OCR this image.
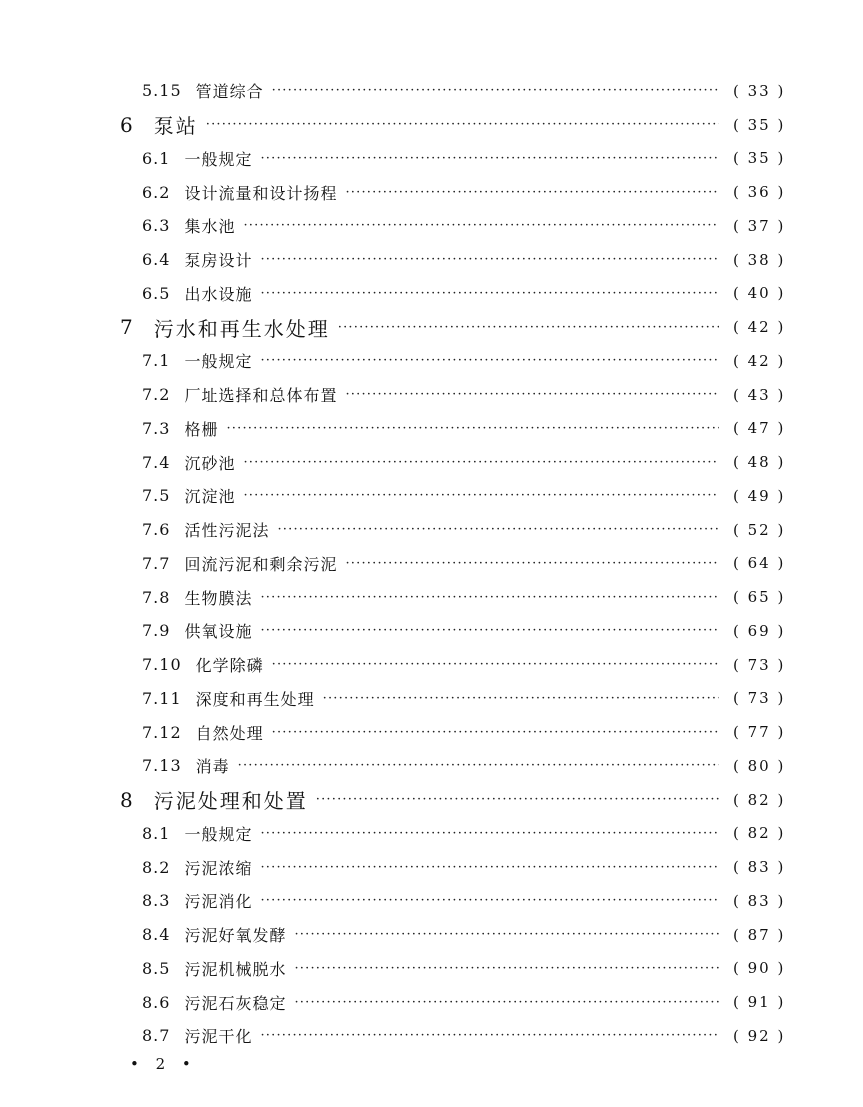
5.15 管道综合 ·····	( 33 )
6 泵站 ·····	( 35 )
6.1 一般规定 ·····	( 35 )
6.2 设计流量和设计扬程 ·····	( 36 )
6.3 集水池 ·····	( 37 )
6.4 泵房设计 ·····	( 38 )
6.5 出水设施 ·····	( 40 )
7 污水和再生水处理 ·····	( 42 )
7.1 一般规定 ·····	( 42 )
7.2 厂址选择和总体布置 ·····	( 43 )
7.3 格栅 ·····	( 47 )
7.4 沉砂池 ·····	( 48 )
7.5 沉淀池 ·····	( 49 )
7.6 活性污泥法 ·····	( 52 )
7.7 回流污泥和剩余污泥 ·····	( 64 )
7.8 生物膜法 ·····	( 65 )
7.9 供氧设施 ·····	( 69 )
7.10 化学除磷 ·····	( 73 )
7.11 深度和再生处理 ·····	( 73 )
7.12 自然处理 ·····	( 77 )
7.13 消毒 ·····	( 80 )
8 污泥处理和处置 ·····	( 82 )
8.1 一般规定 ·····	( 82 )
8.2 污泥浓缩 ·····	( 83 )
8.3 污泥消化 ·····	( 83 )
8.4 污泥好氧发酵 ·····	( 87 )
8.5 污泥机械脱水 ·····	( 90 )
8.6 污泥石灰稳定 ·····	( 91 )
8.7 污泥干化 ·····	( 92 )
• 2 •
